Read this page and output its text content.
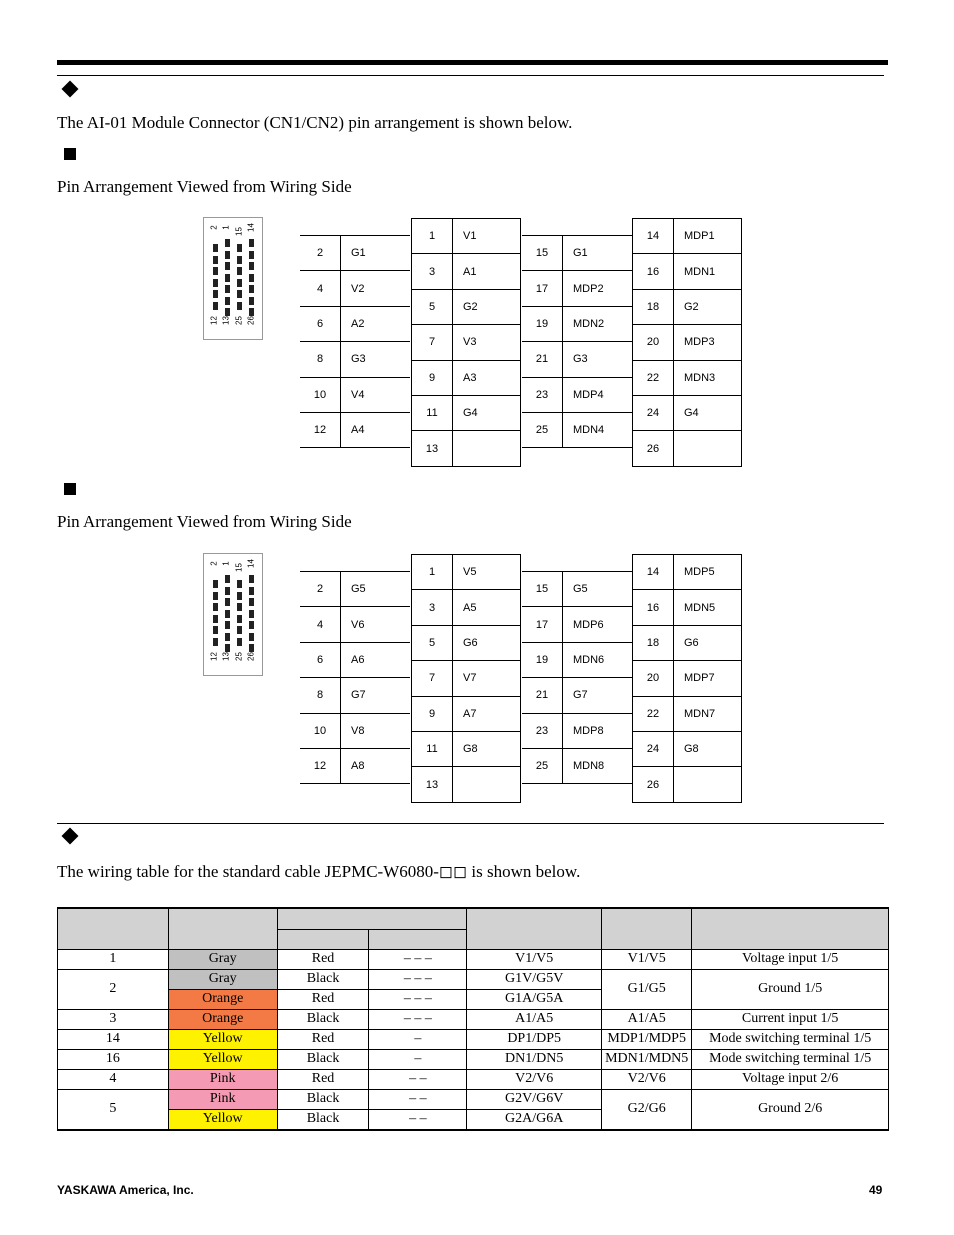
The AI-01 Module Connector (CN1/CN2) pin arrangement is shown below.
Pin Arrangement Viewed from Wiring Side
2 1 15 14
12 13 25 26
2	G1
4	V2
6	A2
8	G3
10	V4
12	A4
1	V1
3	A1
5	G2
7	V3
9	A3
11	G4
13	
15	G1
17	MDP2
19	MDN2
21	G3
23	MDP4
25	MDN4
14	MDP1
16	MDN1
18	G2
20	MDP3
22	MDN3
24	G4
26	
Pin Arrangement Viewed from Wiring Side
2 1 15 14
12 13 25 26
2	G5
4	V6
6	A6
8	G7
10	V8
12	A8
1	V5
3	A5
5	G6
7	V7
9	A7
11	G8
13	
15	G5
17	MDP6
19	MDN6
21	G7
23	MDP8
25	MDN8
14	MDP5
16	MDN5
18	G6
20	MDP7
22	MDN7
24	G8
26	
The wiring table for the standard cable JEPMC-W6080-◻◻ is shown below.

1	Gray	Red	– – –	V1/V5	V1/V5	Voltage input 1/5
2	Gray	Black	– – –	G1V/G5V	G1/G5	Ground 1/5
	Orange	Red	– – –	G1A/G5A		
3	Orange	Black	– – –	A1/A5	A1/A5	Current input 1/5
14	Yellow	Red	–	DP1/DP5	MDP1/MDP5	Mode switching terminal 1/5
16	Yellow	Black	–	DN1/DN5	MDN1/MDN5	Mode switching terminal 1/5
4	Pink	Red	– –	V2/V6	V2/V6	Voltage input 2/6
5	Pink	Black	– –	G2V/G6V	G2/G6	Ground 2/6
	Yellow	Black	– –	G2A/G6A		
YASKAWA America, Inc.	49
